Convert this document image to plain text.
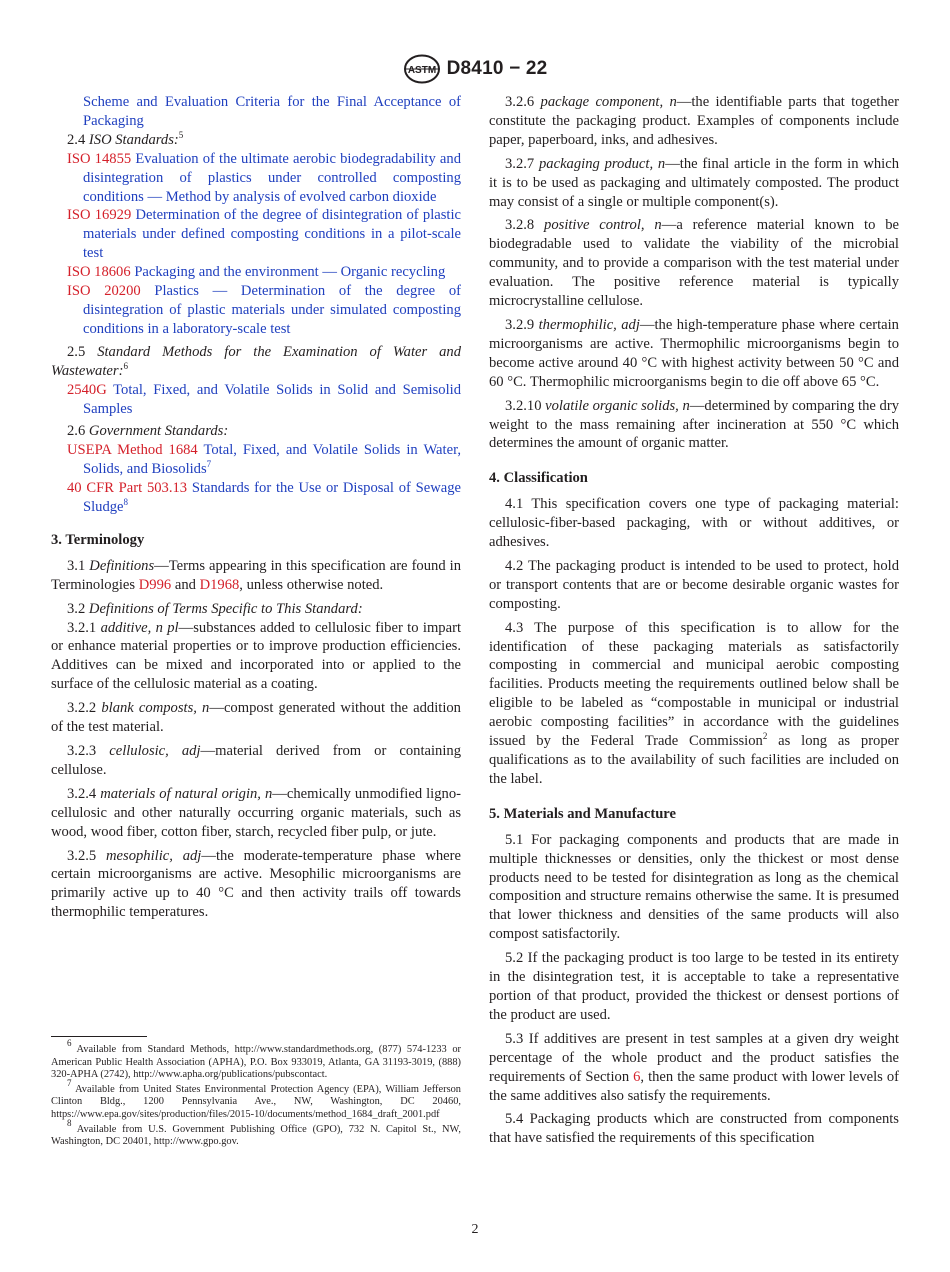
ASTM D8410 − 22

Scheme and Evaluation Criteria for the Final Acceptance of Packaging

2.4 ISO Standards:$^5$

ISO 14855 Evaluation of the ultimate aerobic biodegradability and disintegration of plastics under controlled composting conditions — Method by analysis of evolved carbon dioxide

ISO 16929 Determination of the degree of disintegration of plastic materials under defined composting conditions in a pilot-scale test

ISO 18606 Packaging and the environment — Organic recycling

ISO 20200 Plastics — Determination of the degree of disintegration of plastic materials under simulated composting conditions in a laboratory-scale test

2.5 Standard Methods for the Examination of Water and Wastewater:$^6$

2540G Total, Fixed, and Volatile Solids in Solid and Semisolid Samples

2.6 Government Standards:

USEPA Method 1684 Total, Fixed, and Volatile Solids in Water, Solids, and Biosolids$^7$

40 CFR Part 503.13 Standards for the Use or Disposal of Sewage Sludge$^8$

3. Terminology

3.1 Definitions—Terms appearing in this specification are found in Terminologies D996 and D1968, unless otherwise noted.

3.2 Definitions of Terms Specific to This Standard:

3.2.1 additive, n pl—substances added to cellulosic fiber to impart or enhance material properties or to improve production efficiencies. Additives can be mixed and incorporated into or applied to the surface of the cellulosic material as a coating.

3.2.2 blank composts, n—compost generated without the addition of the test material.

3.2.3 cellulosic, adj—material derived from or containing cellulose.

3.2.4 materials of natural origin, n—chemically unmodified ligno-cellulosic and other naturally occurring organic materials, such as wood, wood fiber, cotton fiber, starch, recycled fiber pulp, or jute.

3.2.5 mesophilic, adj—the moderate-temperature phase where certain microorganisms are active. Mesophilic microorganisms are primarily active up to 40 °C and then activity trails off towards thermophilic temperatures.

$^6$ Available from Standard Methods, http://www.standardmethods.org, (877) 574-1233 or American Public Health Association (APHA), P.O. Box 933019, Atlanta, GA 31193-3019, (888) 320-APHA (2742), http://www.apha.org/publications/pubscontact.

$^7$ Available from United States Environmental Protection Agency (EPA), William Jefferson Clinton Bldg., 1200 Pennsylvania Ave., NW, Washington, DC 20460, https://www.epa.gov/sites/production/files/2015-10/documents/method_1684_draft_2001.pdf

$^8$ Available from U.S. Government Publishing Office (GPO), 732 N. Capitol St., NW, Washington, DC 20401, http://www.gpo.gov.

3.2.6 package component, n—the identifiable parts that together constitute the packaging product. Examples of components include paper, paperboard, inks, and adhesives.

3.2.7 packaging product, n—the final article in the form in which it is to be used as packaging and ultimately composted. The product may consist of a single or multiple component(s).

3.2.8 positive control, n—a reference material known to be biodegradable used to validate the viability of the microbial community, and to provide a comparison with the test material under evaluation. The positive reference material is typically microcrystalline cellulose.

3.2.9 thermophilic, adj—the high-temperature phase where certain microorganisms are active. Thermophilic microorganisms begin to become active around 40 °C with highest activity between 50 °C and 60 °C. Thermophilic microorganisms begin to die off above 65 °C.

3.2.10 volatile organic solids, n—determined by comparing the dry weight to the mass remaining after incineration at 550 °C which determines the amount of organic matter.

4. Classification

4.1 This specification covers one type of packaging material: cellulosic-fiber-based packaging, with or without additives, or adhesives.

4.2 The packaging product is intended to be used to protect, hold or transport contents that are or become desirable organic wastes for composting.

4.3 The purpose of this specification is to allow for the identification of these packaging materials as satisfactorily composting in commercial and municipal aerobic composting facilities. Products meeting the requirements outlined below shall be eligible to be labeled as “compostable in municipal or industrial aerobic composting facilities” in accordance with the guidelines issued by the Federal Trade Commission$^2$ as long as proper qualifications as to the availability of such facilities are included on the label.

5. Materials and Manufacture

5.1 For packaging components and products that are made in multiple thicknesses or densities, only the thickest or most dense products need to be tested for disintegration as long as the chemical composition and structure remains otherwise the same. It is presumed that lower thickness and densities of the same products will also compost satisfactorily.

5.2 If the packaging product is too large to be tested in its entirety in the disintegration test, it is acceptable to take a representative portion of that product, provided the thickest or densest portions of the product are used.

5.3 If additives are present in test samples at a given dry weight percentage of the whole product and the product satisfies the requirements of Section 6, then the same product with lower levels of the same additives also satisfy the requirements.

5.4 Packaging products which are constructed from components that have satisfied the requirements of this specification

2
